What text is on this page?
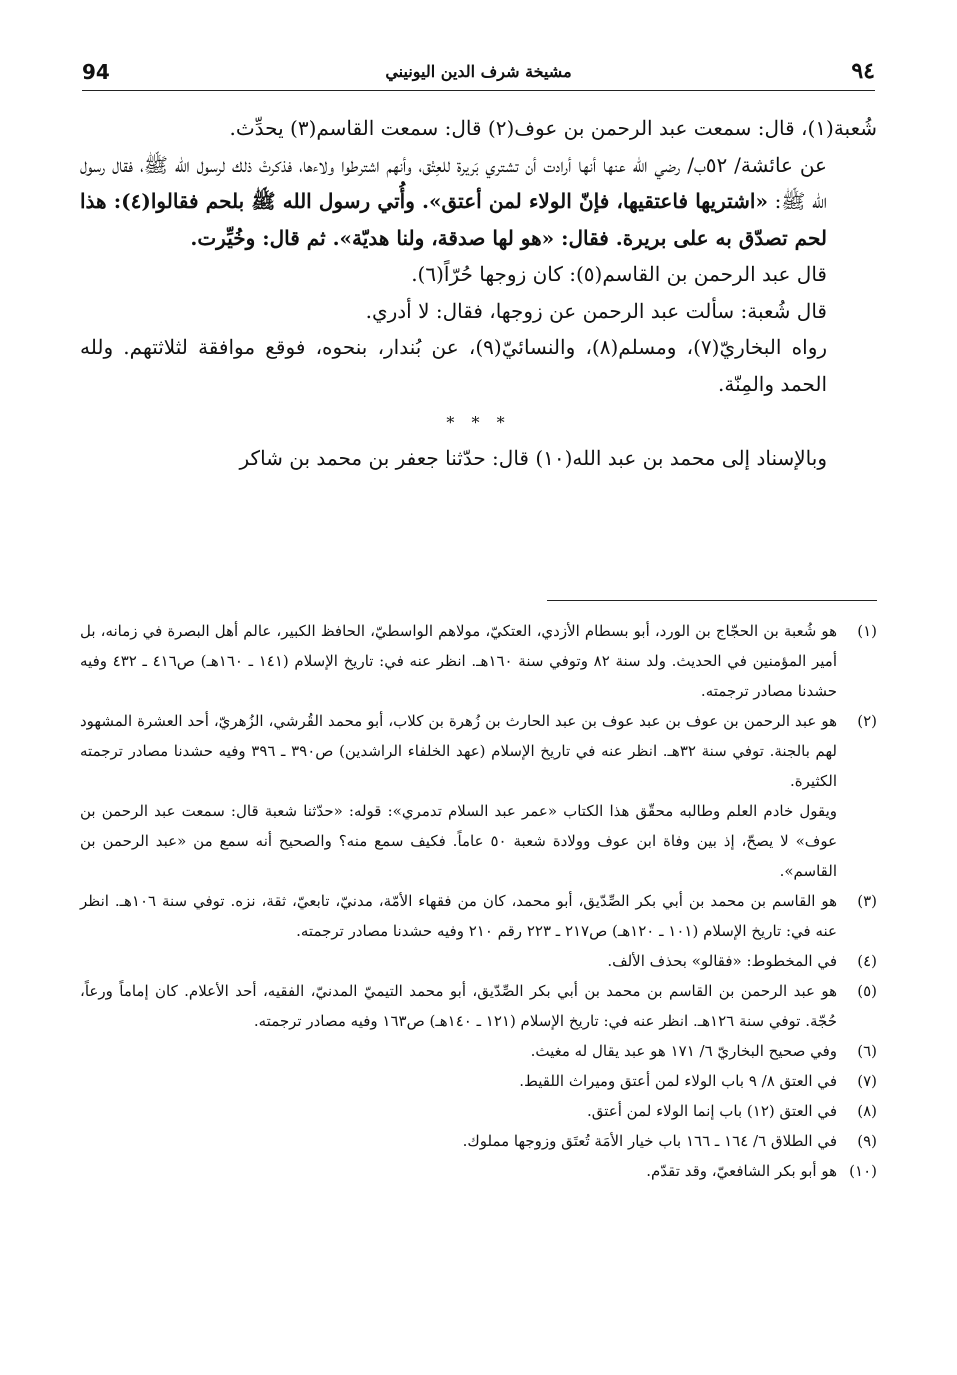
94	مشيخة شرف الدين اليونيني	٩٤

شُعبة(١)، قال: سمعت عبد الرحمن بن عوف(٢) قال: سمعت القاسم(٣) يحدِّث.

عن عائشة/ ٥٢ب/ رضي الله عنها أنها أرادت أن تشتري بَريرة للعِتْق، وأنهم اشترطوا ولاءها، فذكرتْ ذلك لرسول الله ﷺ، فقال رسول الله ﷺ: «اشتريها فاعتقيها، فإنّ الولاء لمن أعتق». وأُتي رسول الله ﷺ بلحم فقالوا(٤): هذا لحم تصدّق به على بريرة. فقال: «هو لها صدقة، ولنا هديّة». ثم قال: وخُيِّرت.

قال عبد الرحمن بن القاسم(٥): كان زوجها حُرّاً(٦).

قال شُعبة: سألت عبد الرحمن عن زوجها، فقال: لا أدري.

رواه البخاريّ(٧)، ومسلم(٨)، والنسائيّ(٩)، عن بُندار، بنحوه، فوقع موافقة لثلاثتهم. ولله الحمد والمِنّة.

* * *

وبالإسناد إلى محمد بن عبد الله(١٠) قال: حدّثنا جعفر بن محمد بن شاكر

(١)
هو شُعبة بن الحجّاج بن الورد، أبو بسطام الأزدي، العتكيّ، مولاهم الواسطيّ، الحافظ الكبير، عالم أهل البصرة في زمانه، بل أمير المؤمنين في الحديث. ولد سنة ٨٢ وتوفي سنة ١٦٠هـ. انظر عنه في: تاريخ الإسلام (١٤١ ـ ١٦٠هـ) ص٤١٦ ـ ٤٣٢ وفيه حشدنا مصادر ترجمته.
(٢)
هو عبد الرحمن بن عوف بن عبد عوف بن عبد الحارث بن زُهرة بن كلاب، أبو محمد القُرشي، الزُهريّ، أحد العشرة المشهود لهم بالجنة. توفي سنة ٣٢هـ. انظر عنه في تاريخ الإسلام (عهد الخلفاء الراشدين) ص٣٩٠ ـ ٣٩٦ وفيه حشدنا مصادر ترجمته الكثيرة.

ويقول خادم العلم وطالبه محقّق هذا الكتاب «عمر عبد السلام تدمري»: قوله: «حدّثنا شعبة قال: سمعت عبد الرحمن بن عوف» لا يصحّ، إذ بين وفاة ابن عوف وولادة شعبة ٥٠ عاماً. فكيف سمع منه؟ والصحيح أنه سمع من «عبد الرحمن بن القاسم».

(٣)
هو القاسم بن محمد بن أبي بكر الصِّدّيق، أبو محمد، كان من فقهاء الأمّة، مدنيّ، تابعيّ، ثقة، نزه. توفي سنة ١٠٦هـ. انظر عنه في: تاريخ الإسلام (١٠١ ـ ١٢٠هـ) ص٢١٧ ـ ٢٢٣ رقم ٢١٠ وفيه حشدنا مصادر ترجمته.
(٤)
في المخطوط: «فقالو» بحذف الألف.
(٥)
هو عبد الرحمن بن القاسم بن محمد بن أبي بكر الصِّدّيق، أبو محمد التيميّ المدنيّ، الفقيه، أحد الأعلام. كان إماماً ورعاً، حُجّة. توفي سنة ١٢٦هـ. انظر عنه في: تاريخ الإسلام (١٢١ ـ ١٤٠هـ) ص١٦٣ وفيه مصادر ترجمته.
(٦)
وفي صحيح البخاريّ ٦/ ١٧١ هو عبد يقال له مغيث.
(٧)
في العتق ٨/ ٩ باب الولاء لمن أعتق وميراث اللقيط.
(٨)
في العتق (١٢) باب إنما الولاء لمن أعتق.
(٩)
في الطلاق ٦/ ١٦٤ ـ ١٦٦ باب خيار الأمَة تُعتَق وزوجها مملوك.
(١٠)
هو أبو بكر الشافعيّ، وقد تقدّم.
